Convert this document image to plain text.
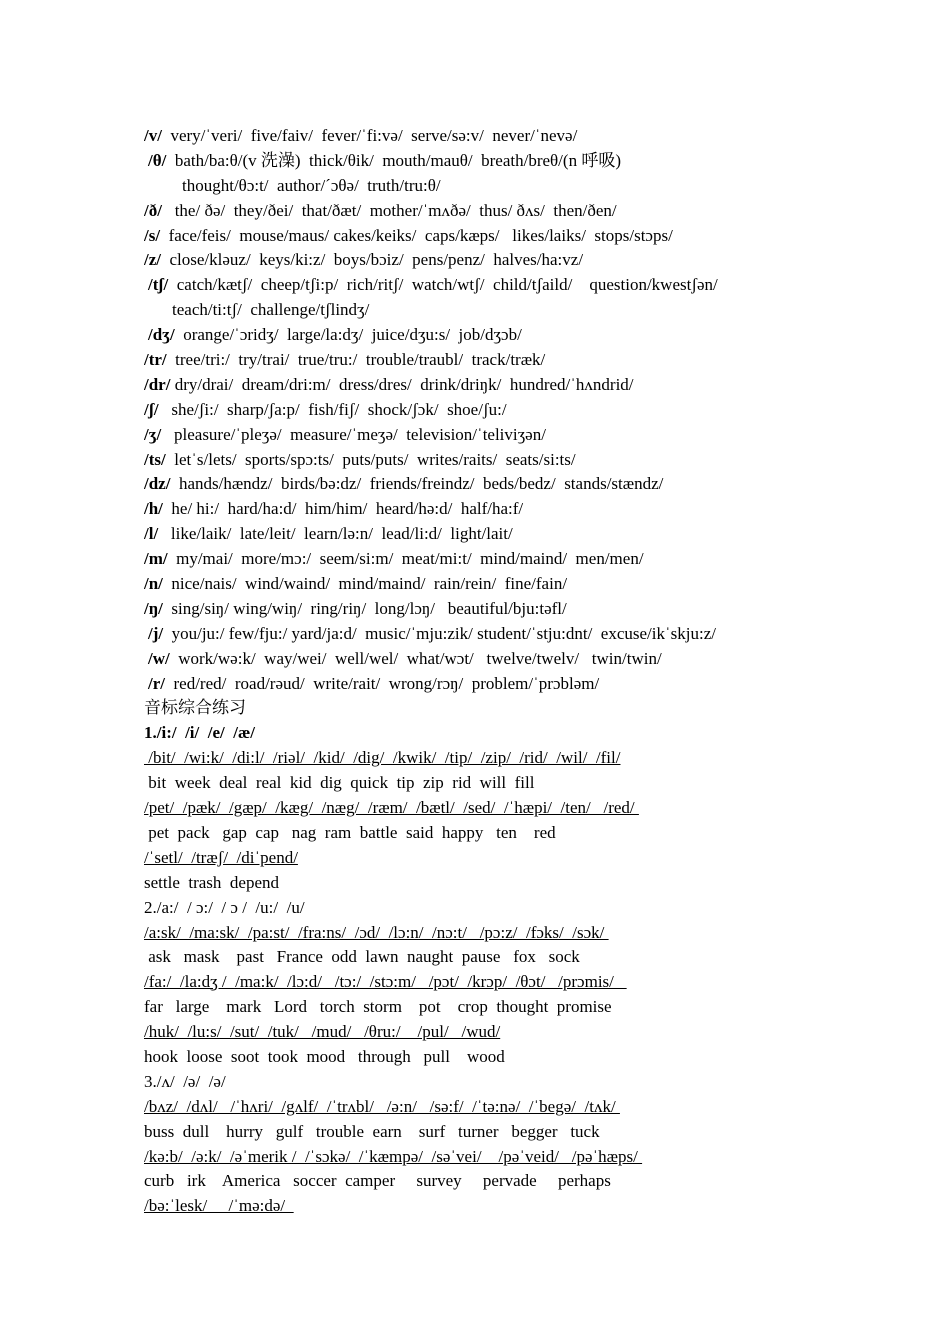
/v/  very/ˈveri/  five/faiv/  fever/ˈfi:və/  serve/sə:v/  never/ˈnevə/
/θ/  bath/ba:θ/(v 洗澡)  thick/θik/  mouth/mauθ/  breath/breθ/(n 呼吸)
thought/θɔ:t/  author/ˊɔθə/  truth/tru:θ/
/ð/   the/ ðə/  they/ðei/  that/ðæt/  mother/ˈmʌðə/  thus/ ðʌs/  then/ðen/
/s/  face/feis/  mouse/maus/ cakes/keiks/  caps/kæps/   likes/laiks/  stops/stɔps/
/z/  close/kləuz/  keys/ki:z/  boys/bɔiz/  pens/penz/  halves/ha:vz/
/tʃ/  catch/kætʃ/  cheep/tʃi:p/  rich/ritʃ/  watch/wtʃ/  child/tʃaild/    question/kwestʃən/
teach/ti:tʃ/  challenge/tʃlindʒ/
/dʒ/  orange/ˈɔridʒ/  large/la:dʒ/  juice/dʒu:s/  job/dʒɔb/
/tr/  tree/tri:/  try/trai/  true/tru:/  trouble/traubl/  track/træk/
/dr/ dry/drai/  dream/dri:m/  dress/dres/  drink/driŋk/  hundred/ˈhʌndrid/
/ʃ/   she/ʃi:/  sharp/ʃa:p/  fish/fiʃ/  shock/ʃɔk/  shoe/ʃu:/
/ʒ/   pleasure/ˈpleʒə/  measure/ˈmeʒə/  television/ˈteliviʒən/
/ts/  letˈs/lets/  sports/spɔ:ts/  puts/puts/  writes/raits/  seats/si:ts/
/dz/  hands/hændz/  birds/bə:dz/  friends/freindz/  beds/bedz/  stands/stændz/
/h/  he/ hi:/  hard/ha:d/  him/him/  heard/hə:d/  half/ha:f/
/l/   like/laik/  late/leit/  learn/lə:n/  lead/li:d/  light/lait/
/m/  my/mai/  more/mɔ:/  seem/si:m/  meat/mi:t/  mind/maind/  men/men/
/n/  nice/nais/  wind/waind/  mind/maind/  rain/rein/  fine/fain/
/ŋ/  sing/siŋ/ wing/wiŋ/  ring/riŋ/  long/lɔŋ/   beautiful/bju:təfl/
/j/  you/ju:/ few/fju:/ yard/ja:d/  music/ˈmju:zik/ student/ˈstju:dnt/  excuse/ikˈskju:z/
/w/  work/wə:k/  way/wei/  well/wel/  what/wɔt/   twelve/twelv/   twin/twin/
/r/  red/red/  road/rəud/  write/rait/  wrong/rɔŋ/  problem/ˈprɔbləm/
音标综合练习
1./i:/  /i/  /e/  /æ/
/bit/  /wi:k/  /di:l/  /riəl/  /kid/  /dig/  /kwik/  /tip/  /zip/  /rid/  /wil/  /fil/
bit  week  deal  real  kid  dig  quick  tip  zip  rid  will  fill
/pet/  /pæk/  /gæp/  /kæg/  /næg/  /ræm/  /bætl/  /sed/  /ˈhæpi/  /ten/   /red/
pet  pack   gap  cap   nag  ram  battle  said  happy   ten    red
/ˈsetl/  /træʃ/  /diˈpend/
settle  trash  depend
2./a:/  / ɔ:/  / ɔ /  /u:/  /u/
/a:sk/  /ma:sk/  /pa:st/  /fra:ns/  /ɔd/  /lɔ:n/  /nɔ:t/   /pɔ:z/  /fɔks/  /sɔk/
ask   mask    past   France  odd  lawn  naught  pause   fox   sock
/fa:/  /la:dʒ /  /ma:k/  /lɔ:d/   /tɔ:/  /stɔ:m/   /pɔt/  /krɔp/  /θɔt/   /prɔmis/
far   large    mark   Lord   torch  storm    pot    crop  thought  promise
/huk/  /lu:s/  /sut/  /tuk/   /mud/   /θru:/    /pul/   /wud/
hook  loose  soot  took  mood   through   pull    wood
3./ʌ/  /ə/  /ə/
/bʌz/  /dʌl/   /ˈhʌri/  /gʌlf/  /ˈtrʌbl/   /ə:n/   /sə:f/  /ˈtə:nə/  /ˈbegə/  /tʌk/
buss  dull    hurry   gulf   trouble  earn    surf   turner   begger   tuck
/kə:b/  /ə:k/  /əˈmerik /  /ˈsɔkə/  /ˈkæmpə/  /səˈvei/    /pəˈveid/   /pəˈhæps/
curb   irk    America   soccer  camper     survey     pervade     perhaps
/bə:ˈlesk/     /ˈmə:də/
